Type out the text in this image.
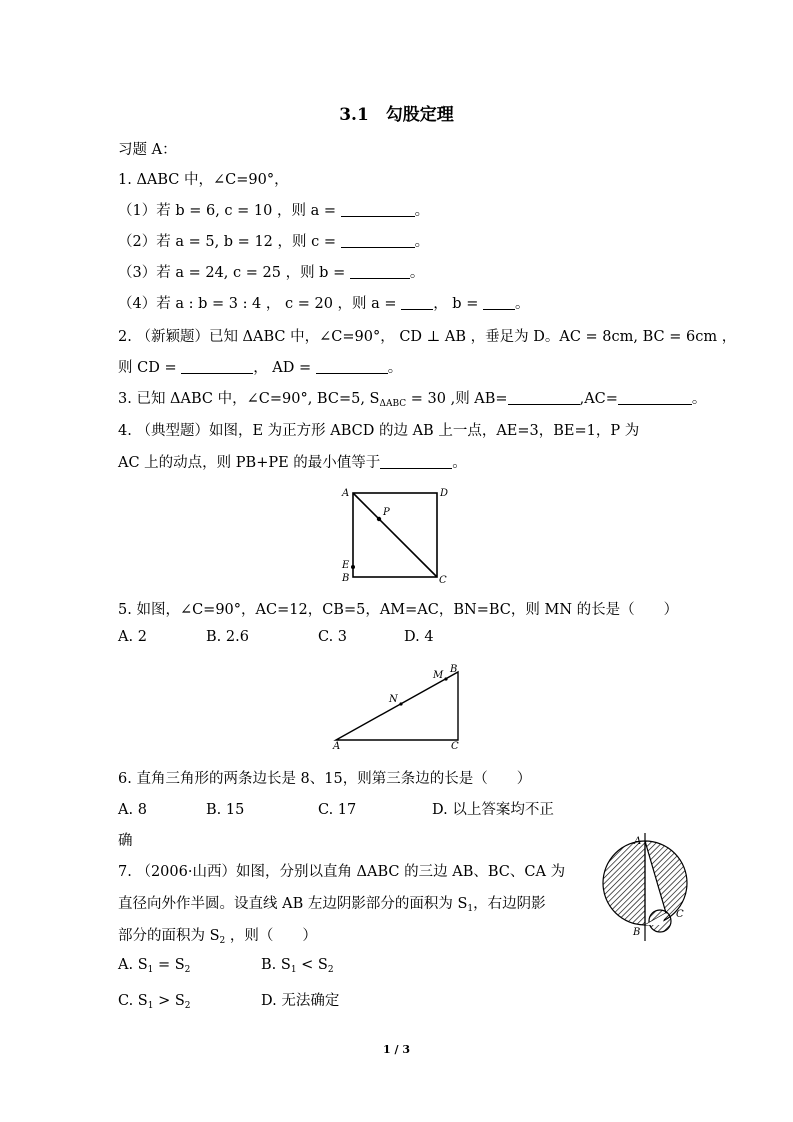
3.1　勾股定理
习题 A：
1. ΔABC 中，∠C=90°，
（1）若 b = 6, c = 10 ，则 a =	。
（2）若 a = 5, b = 12 ，则 c =	。
（3）若 a = 24, c = 25 ，则 b =	。
（4）若 a : b = 3 : 4 ， c = 20 ，则 a = ， b = 。
2. （新颖题）已知 ΔABC 中，∠C=90°， CD ⊥ AB ，垂足为 D。AC = 8cm, BC = 6cm ，
则 CD =	， AD =	。
3. 已知 ΔABC 中，∠C=90°, BC=5, $S_{\Delta ABC} = 30$ ,则 AB=	,AC=	。
4. （典型题）如图，E 为正方形 ABCD 的边 AB 上一点，AE=3，BE=1，P 为
AC 上的动点，则 PB+PE 的最小值等于	。
A	D
P
E
B	C
5. 如图，∠C=90°，AC=12，CB=5，AM=AC，BN=BC，则 MN 的长是（　　）
A. 2	B. 2.6	C. 3	D. 4
A	C
B
M
N
6. 直角三角形的两条边长是 8、15，则第三条边的长是（　　）
A. 8	B. 15	C. 17	D. 以上答案均不正
确
7. （2006·山西）如图，分别以直角 ΔABC 的三边 AB、BC、CA 为
直径向外作半圆。设直线 AB 左边阴影部分的面积为 $S_1$，右边阴影
部分的面积为 $S_2$ ，则（　　）
A. $S_1 = S_2$	B. $S_1 < S_2$
C. $S_1 > S_2$	D. 无法确定
A
B
C
1 / 3
